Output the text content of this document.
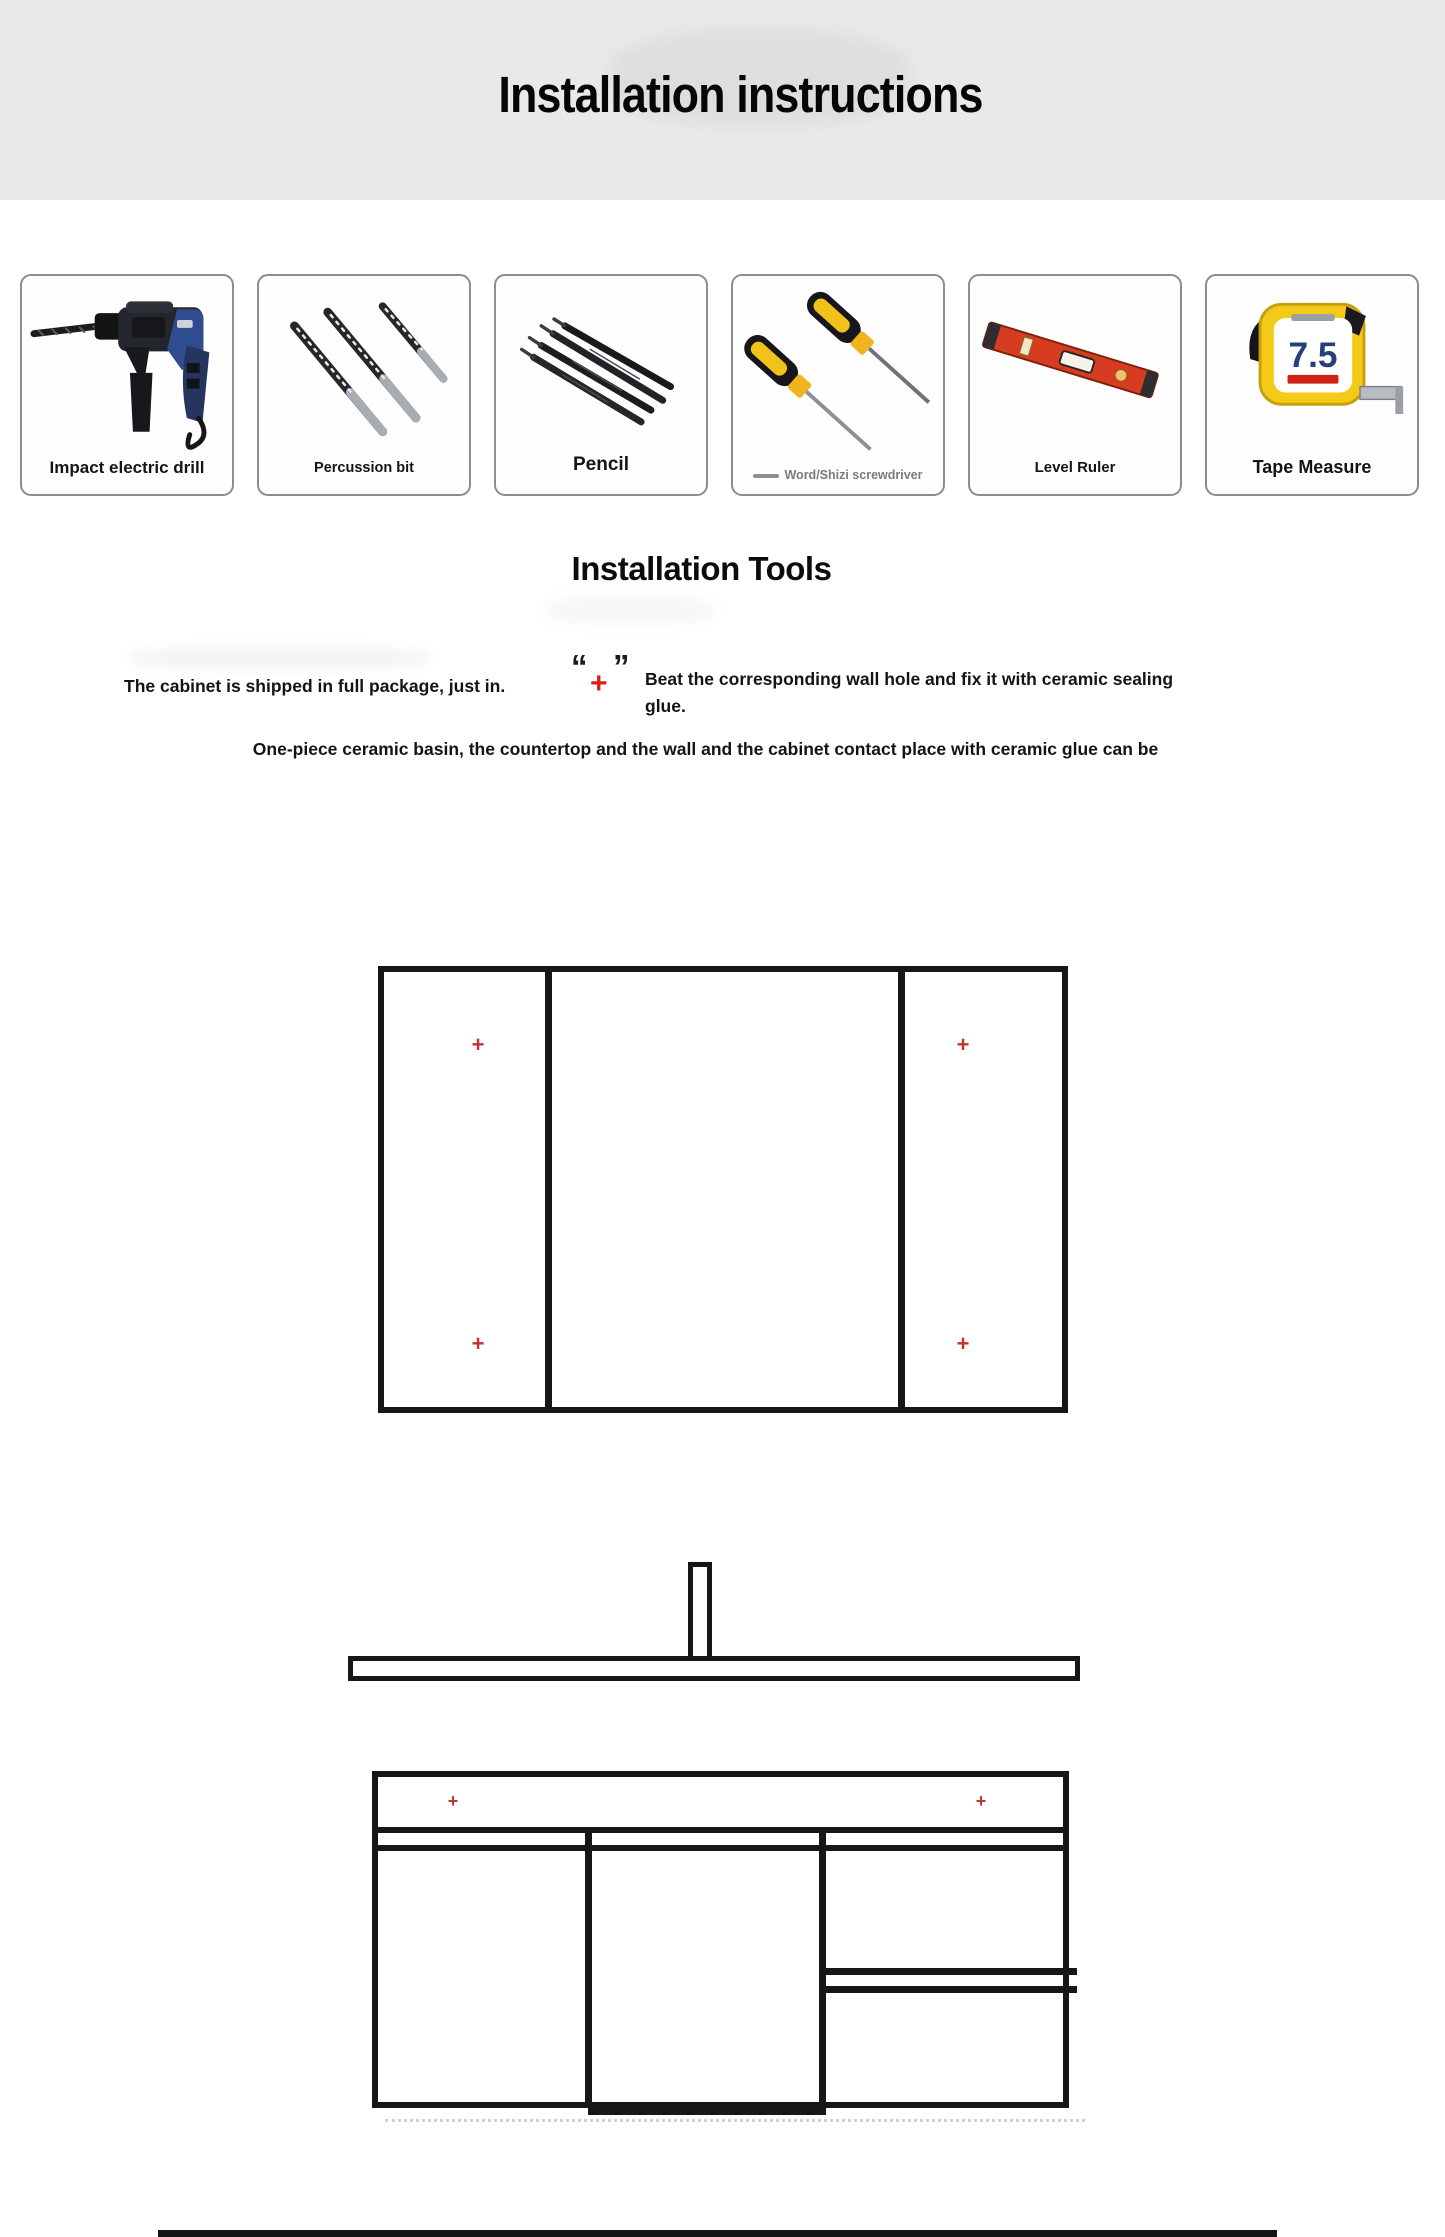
Installation instructions
Impact electric drill	Percussion bit	Pencil	Word/Shizi screwdriver	Level Ruler
7.5
Tape Measure
Installation Tools
The cabinet is shipped in full package, just in.
“ + ” Beat the corresponding wall hole and fix it with ceramic sealing
glue.
One-piece ceramic basin, the countertop and the wall and the cabinet contact place with ceramic glue can be
+	+
+	+
+	+
